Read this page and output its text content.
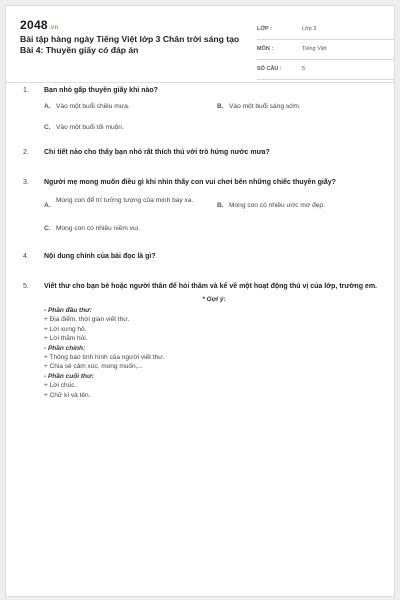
2048.vn
Bài tập hàng ngày Tiếng Việt lớp 3 Chân trời sáng tạo Bài 4: Thuyền giấy có đáp án
LỚP :	Lớp 3
MÔN :	Tiếng Việt
SỐ CÂU :	5
1. Bạn nhỏ gấp thuyền giấy khi nào?
A. Vào một buổi chiều mưa.	B. Vào một buổi sáng sớm.
C. Vào một buổi tối muộn.
2. Chi tiết nào cho thấy bạn nhỏ rất thích thú với trò hứng nước mưa?
3. Người mẹ mong muốn điều gì khi nhìn thấy con vui chơi bên những chiếc thuyền giấy?
A.
Mong con để trí tưởng tượng của mình bay xa.
B. Mong con có nhiều ước mơ đẹp.
C. Mong con có nhiều niềm vui.
4. Nội dung chính của bài đọc là gì?
5. Viết thư cho bạn bè hoặc người thân để hỏi thăm và kể về một hoạt động thú vị của lớp, trường em.
* Gợi ý:
- Phần đầu thư:
+ Địa điểm, thời gian viết thư.
+ Lời xưng hô.
+ Lời thăm hỏi.
- Phần chính:
+ Thông báo tình hình của người viết thư.
+ Chia sẻ cảm xúc, mong muốn,...
- Phần cuối thư:
+ Lời chúc.
+ Chữ kí và tên.
